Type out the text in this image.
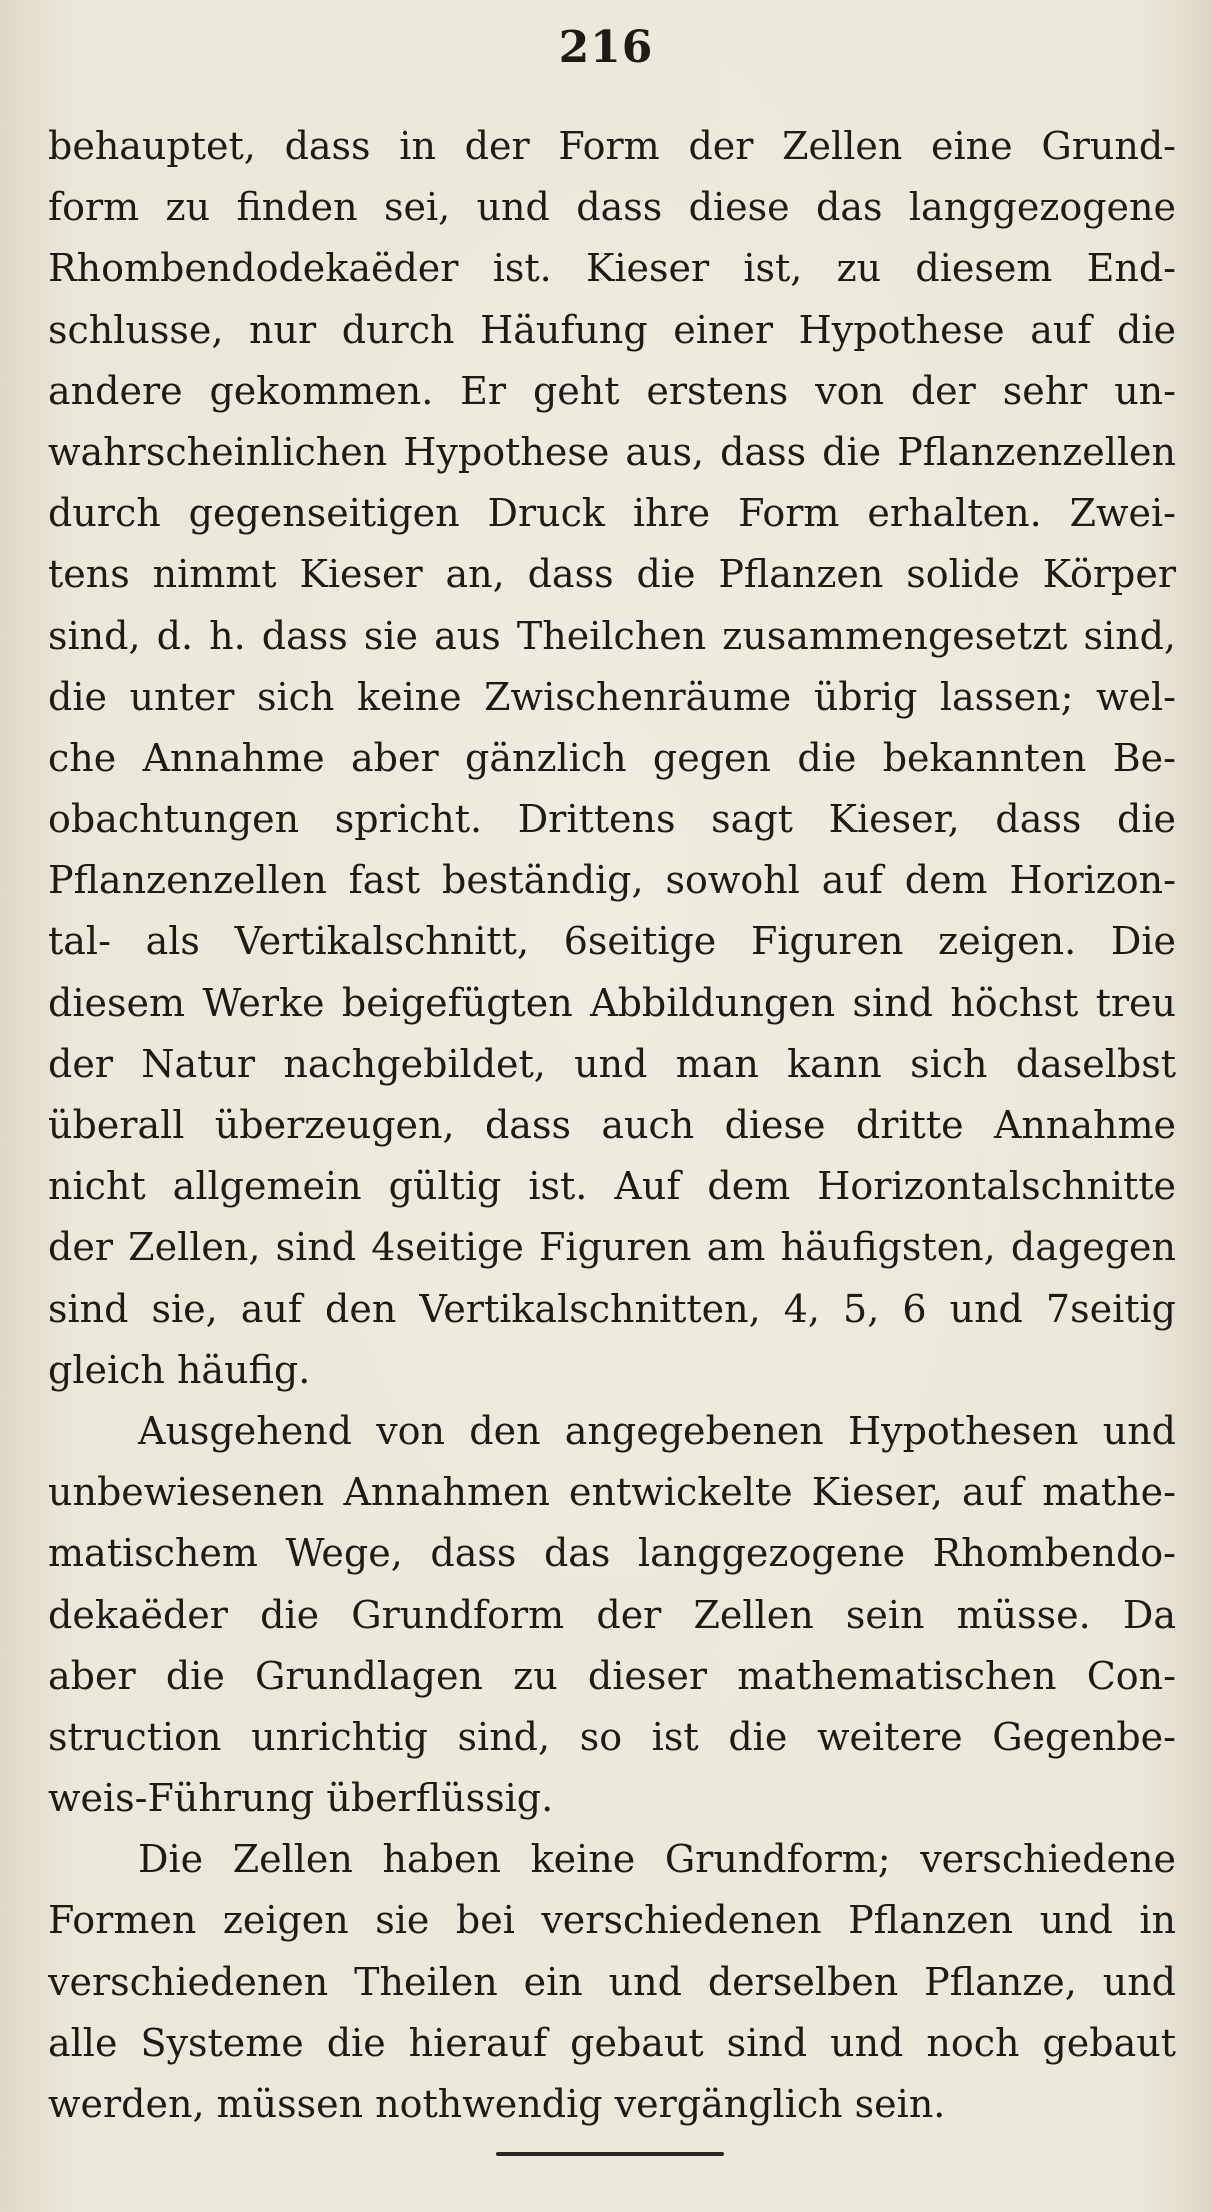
216
behauptet, dass in der Form der Zellen eine Grund-
form zu finden sei, und dass diese das langgezogene
Rhombendodekaëder ist. Kieser ist, zu diesem End-
schlusse, nur durch Häufung einer Hypothese auf die
andere gekommen. Er geht erstens von der sehr un-
wahrscheinlichen Hypothese aus, dass die Pflanzenzellen
durch gegenseitigen Druck ihre Form erhalten. Zwei-
tens nimmt Kieser an, dass die Pflanzen solide Körper
sind, d. h. dass sie aus Theilchen zusammengesetzt sind,
die unter sich keine Zwischenräume übrig lassen; wel-
che Annahme aber gänzlich gegen die bekannten Be-
obachtungen spricht. Drittens sagt Kieser, dass die
Pflanzenzellen fast beständig, sowohl auf dem Horizon-
tal- als Vertikalschnitt, 6seitige Figuren zeigen. Die
diesem Werke beigefügten Abbildungen sind höchst treu
der Natur nachgebildet, und man kann sich daselbst
überall überzeugen, dass auch diese dritte Annahme
nicht allgemein gültig ist. Auf dem Horizontalschnitte
der Zellen, sind 4seitige Figuren am häufigsten, dagegen
sind sie, auf den Vertikalschnitten, 4, 5, 6 und 7seitig
gleich häufig.
Ausgehend von den angegebenen Hypothesen und
unbewiesenen Annahmen entwickelte Kieser, auf mathe-
matischem Wege, dass das langgezogene Rhombendo-
dekaëder die Grundform der Zellen sein müsse. Da
aber die Grundlagen zu dieser mathematischen Con-
struction unrichtig sind, so ist die weitere Gegenbe-
weis-Führung überflüssig.
Die Zellen haben keine Grundform; verschiedene
Formen zeigen sie bei verschiedenen Pflanzen und in
verschiedenen Theilen ein und derselben Pflanze, und
alle Systeme die hierauf gebaut sind und noch gebaut
werden, müssen nothwendig vergänglich sein.
